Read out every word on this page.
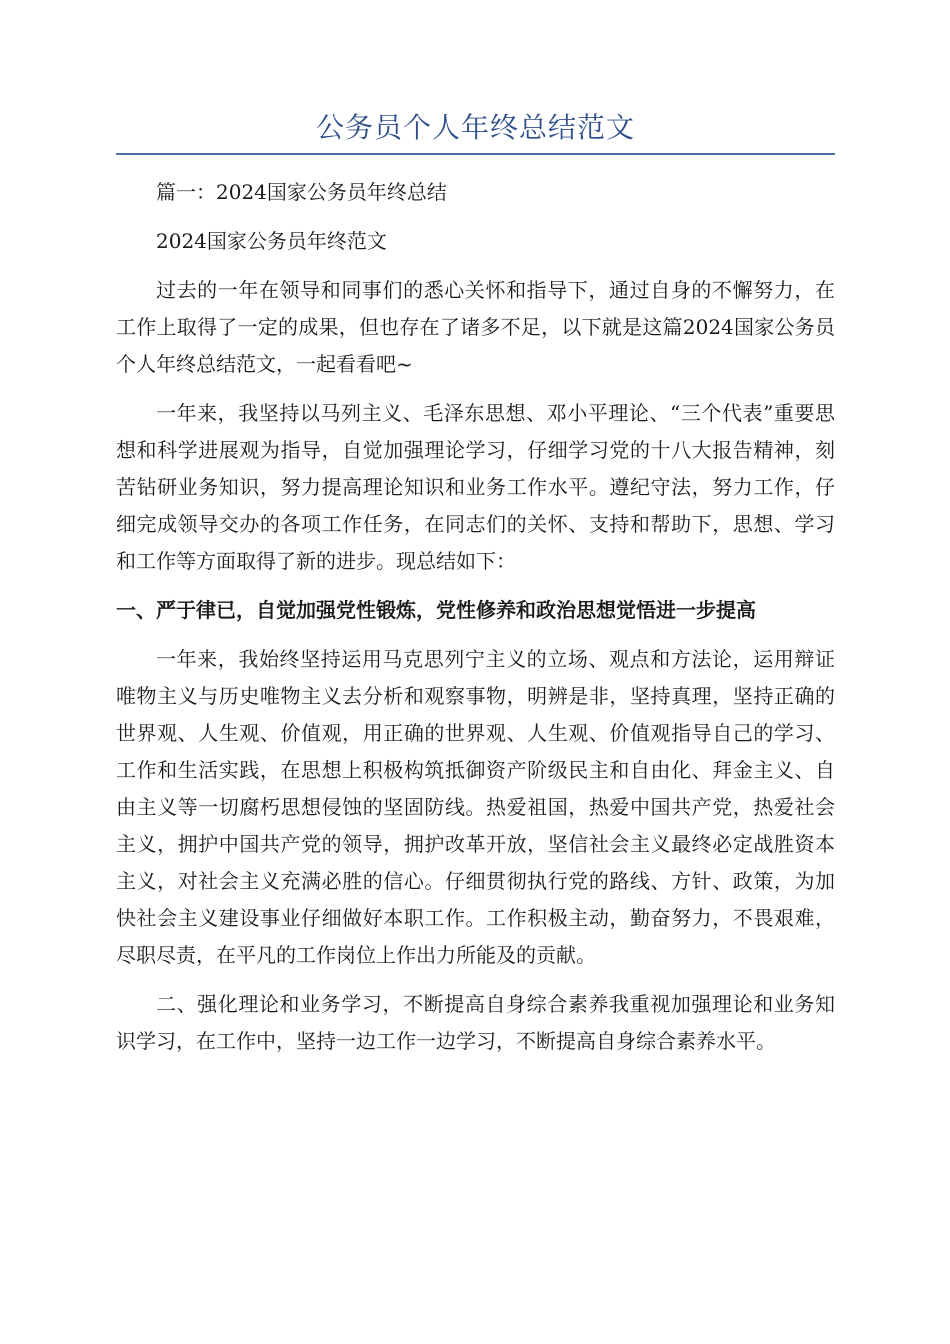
公务员个人年终总结范文

篇一：2024国家公务员年终总结

2024国家公务员年终范文

过去的一年在领导和同事们的悉心关怀和指导下，通过自身的不懈努力，在工作上取得了一定的成果，但也存在了诸多不足，以下就是这篇2024国家公务员个人年终总结范文，一起看看吧~

一年来，我坚持以马列主义、毛泽东思想、邓小平理论、“三个代表”重要思想和科学进展观为指导，自觉加强理论学习，仔细学习党的十八大报告精神，刻苦钻研业务知识，努力提高理论知识和业务工作水平。遵纪守法，努力工作，仔细完成领导交办的各项工作任务，在同志们的关怀、支持和帮助下，思想、学习和工作等方面取得了新的进步。现总结如下：

一、严于律已，自觉加强党性锻炼，党性修养和政治思想觉悟进一步提高

一年来，我始终坚持运用马克思列宁主义的立场、观点和方法论，运用辩证唯物主义与历史唯物主义去分析和观察事物，明辨是非，坚持真理，坚持正确的世界观、人生观、价值观，用正确的世界观、人生观、价值观指导自己的学习、工作和生活实践，在思想上积极构筑抵御资产阶级民主和自由化、拜金主义、自由主义等一切腐朽思想侵蚀的坚固防线。热爱祖国，热爱中国共产党，热爱社会主义，拥护中国共产党的领导，拥护改革开放，坚信社会主义最终必定战胜资本主义，对社会主义充满必胜的信心。仔细贯彻执行党的路线、方针、政策，为加快社会主义建设事业仔细做好本职工作。工作积极主动，勤奋努力，不畏艰难，尽职尽责，在平凡的工作岗位上作出力所能及的贡献。

二、强化理论和业务学习，不断提高自身综合素养我重视加强理论和业务知识学习，在工作中，坚持一边工作一边学习，不断提高自身综合素养水平。
